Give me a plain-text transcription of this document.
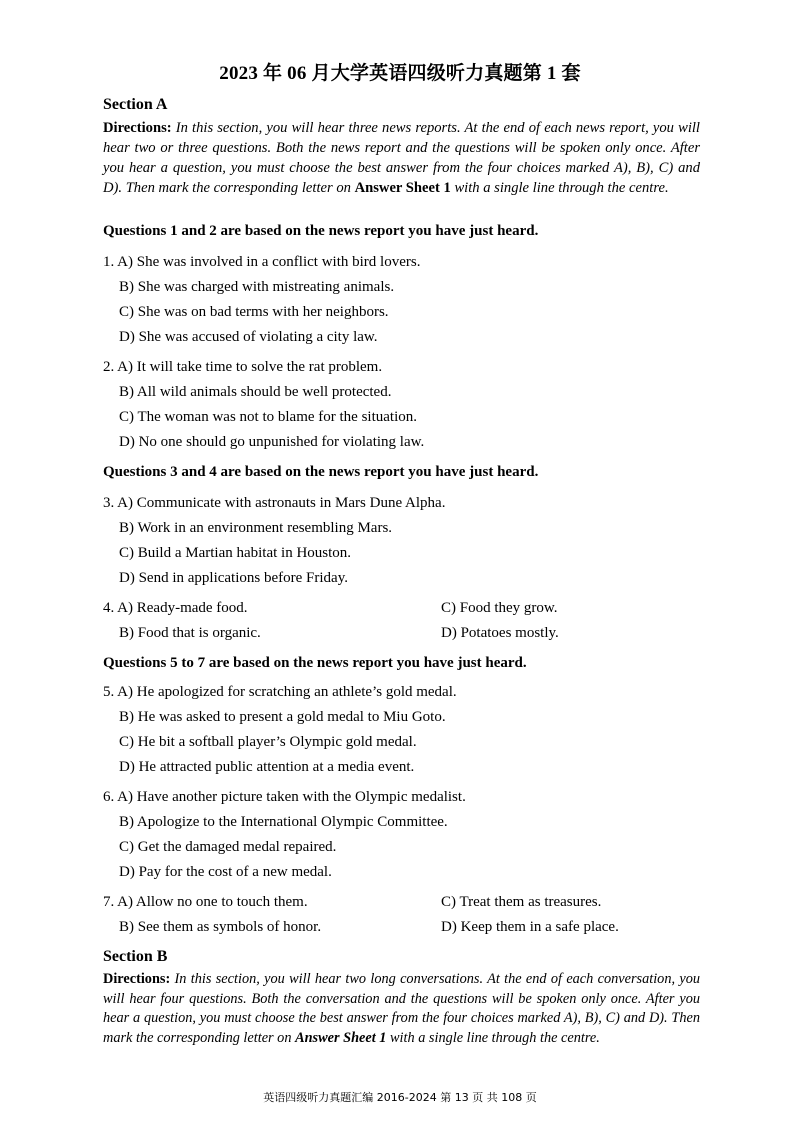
2023 年 06 月大学英语四级听力真题第 1 套
Section A
Directions: In this section, you will hear three news reports. At the end of each news report, you will hear two or three questions. Both the news report and the questions will be spoken only once. After you hear a question, you must choose the best answer from the four choices marked A), B), C) and D). Then mark the corresponding letter on Answer Sheet 1 with a single line through the centre.
Questions 1 and 2 are based on the news report you have just heard.
1. A) She was involved in a conflict with bird lovers.
B) She was charged with mistreating animals.
C) She was on bad terms with her neighbors.
D) She was accused of violating a city law.
2. A) It will take time to solve the rat problem.
B) All wild animals should be well protected.
C) The woman was not to blame for the situation.
D) No one should go unpunished for violating law.
Questions 3 and 4 are based on the news report you have just heard.
3. A) Communicate with astronauts in Mars Dune Alpha.
B) Work in an environment resembling Mars.
C) Build a Martian habitat in Houston.
D) Send in applications before Friday.
4. A) Ready-made food.	C) Food they grow.
B) Food that is organic.	D) Potatoes mostly.
Questions 5 to 7 are based on the news report you have just heard.
5. A) He apologized for scratching an athlete’s gold medal.
B) He was asked to present a gold medal to Miu Goto.
C) He bit a softball player’s Olympic gold medal.
D) He attracted public attention at a media event.
6. A) Have another picture taken with the Olympic medalist.
B) Apologize to the International Olympic Committee.
C) Get the damaged medal repaired.
D) Pay for the cost of a new medal.
7. A) Allow no one to touch them.	C) Treat them as treasures.
B) See them as symbols of honor.	D) Keep them in a safe place.
Section B
Directions: In this section, you will hear two long conversations. At the end of each conversation, you will hear four questions. Both the conversation and the questions will be spoken only once. After you hear a question, you must choose the best answer from the four choices marked A), B), C) and D). Then mark the corresponding letter on Answer Sheet 1 with a single line through the centre.
英语四级听力真题汇编 2016-2024 第 13 页 共 108 页
